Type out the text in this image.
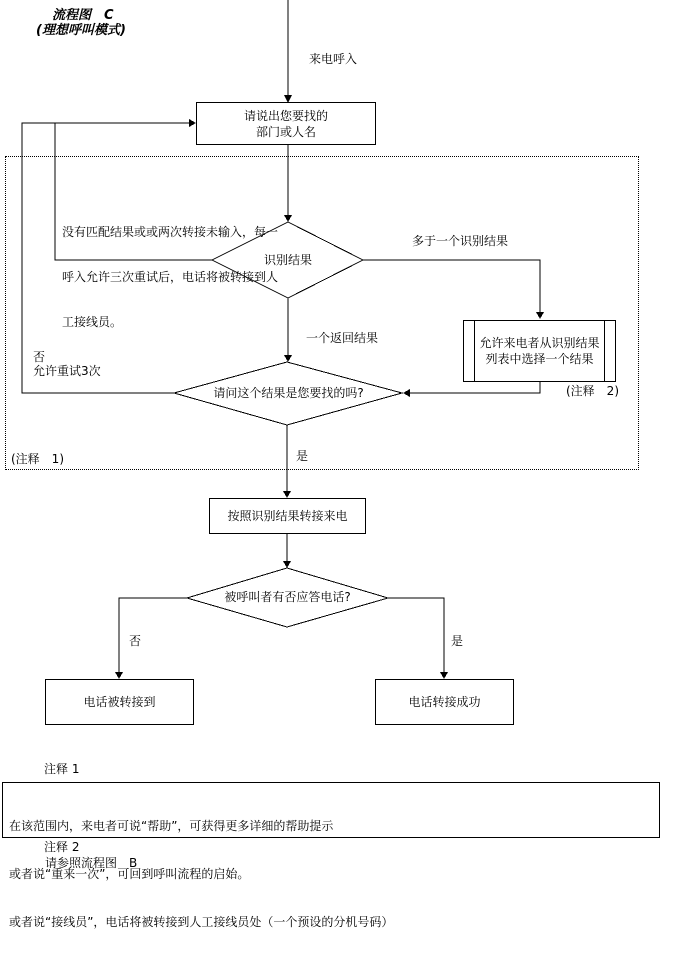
流程图　C
(理想呼叫模式)
来电呼入
请说出您要找的
部门或人名

没有匹配结果或或两次转接未输入，每一

呼入允许三次重试后，电话将被转接到人

工接线员。

识别结果
多于一个识别结果
一个返回结果	允许来电者从识别结果
列表中选择一个结果
(注释　2)
否
允许重试3次
(注释　1)
请问这个结果是您要找的吗?
是
按照识别结果转接来电
被呼叫者有否应答电话?
否	是
电话被转接到	电话转接成功
注释 1

在该范围内，来电者可说“帮助”，可获得更多详细的帮助提示

或者说“重来一次”，可回到呼叫流程的启始。

或者说“接线员”，电话将被转接到人工接线员处（一个预设的分机号码）

注释 2
请参照流程图　B
